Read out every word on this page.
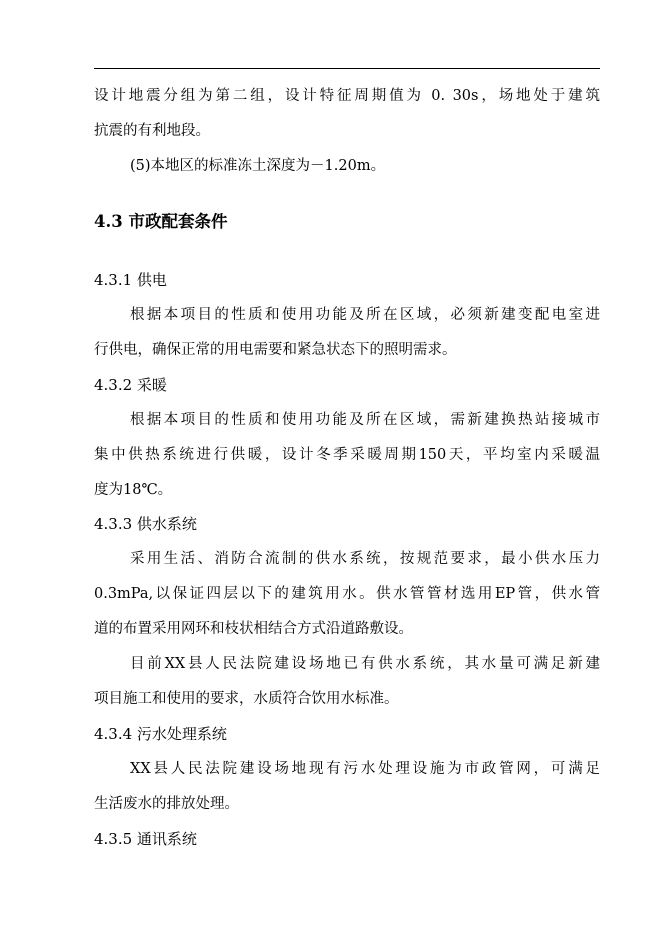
设计地震分组为第二组，设计特征周期值为 0. 30s，场地处于建筑
抗震的有利地段。
(5)本地区的标准冻土深度为－1.20m。
4.3 市政配套条件
4.3.1 供电
根据本项目的性质和使用功能及所在区域，必须新建变配电室进
行供电，确保正常的用电需要和紧急状态下的照明需求。
4.3.2 采暖
根据本项目的性质和使用功能及所在区域，需新建换热站接城市
集中供热系统进行供暖，设计冬季采暖周期150天，平均室内采暖温
度为18℃。
4.3.3 供水系统
采用生活、消防合流制的供水系统，按规范要求，最小供水压力
0.3mPa,以保证四层以下的建筑用水。供水管管材选用EP管，供水管
道的布置采用网环和枝状相结合方式沿道路敷设。
目前XX县人民法院建设场地已有供水系统，其水量可满足新建
项目施工和使用的要求，水质符合饮用水标准。
4.3.4 污水处理系统
XX县人民法院建设场地现有污水处理设施为市政管网，可满足
生活废水的排放处理。
4.3.5 通讯系统
